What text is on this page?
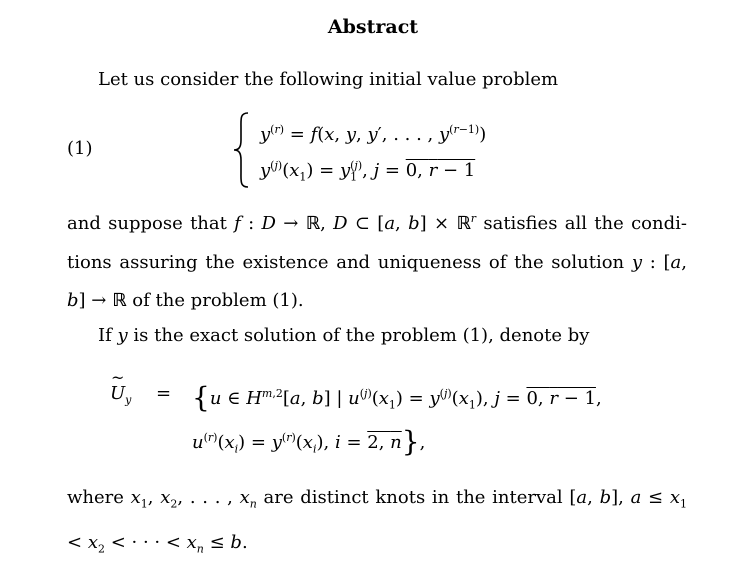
Abstract
Let us consider the following initial value problem
(1)
$y^{(r)} = f(x$, y, y′, . . . , $y^{(r-1)}$)
$y^{(j)}(x_1) = y_1^{(j)}$, j = 0, r − 1
and suppose that f : D → ℝ, D ⊂ [a, b] × ℝ$^r$ satisfies all the condi- tions assuring the existence and uniqueness of the solution y : [a, b] → ℝ of the problem (1).
If y is the exact solution of the problem (1), denote by
~ $U_y = \{u$ ∈ H$^{m,2}$[a, b] | $u^{(j)}(x_1) = y^{(j)}(x_1)$, j = 0, r − 1,
$u^{(r)}(x_i) = y^{(r)}(x_i)$, i = 2, n},
where $x_1$, $x_2$, . . . , $x_n$ are distinct knots in the interval [a, b], $a \le x_1 < x_2$ < · · · < $x_n \le b$.
